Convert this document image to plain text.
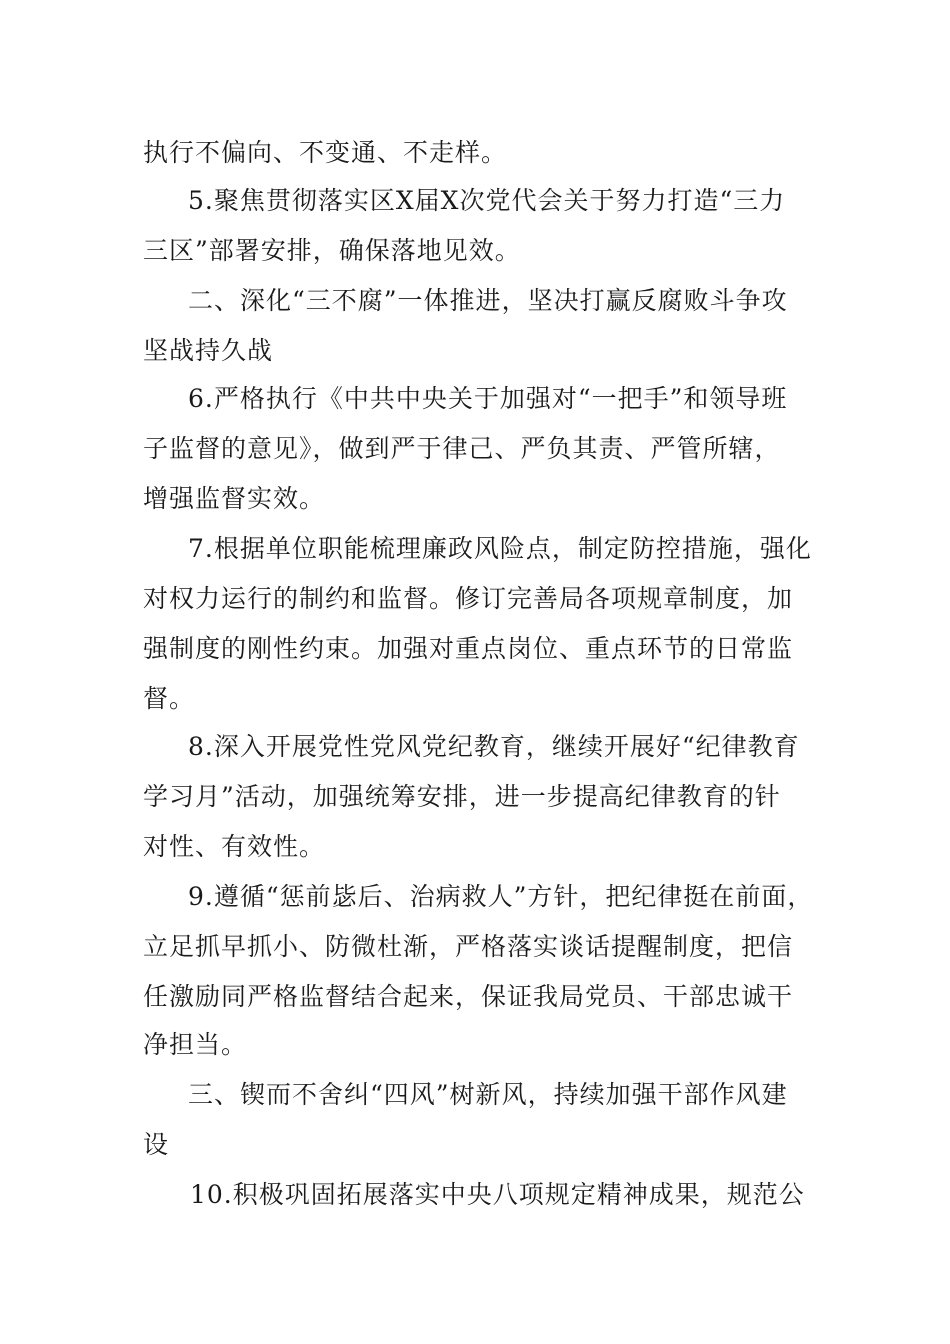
执行不偏向、不变通、不走样。
5.聚焦贯彻落实区X届X次党代会关于努力打造“三力
三区”部署安排，确保落地见效。
二、深化“三不腐”一体推进，坚决打赢反腐败斗争攻
坚战持久战
6.严格执行《中共中央关于加强对“一把手”和领导班
子监督的意见》，做到严于律己、严负其责、严管所辖，
增强监督实效。
7.根据单位职能梳理廉政风险点，制定防控措施，强化
对权力运行的制约和监督。修订完善局各项规章制度，加
强制度的刚性约束。加强对重点岗位、重点环节的日常监
督。
8.深入开展党性党风党纪教育，继续开展好“纪律教育
学习月”活动，加强统筹安排，进一步提高纪律教育的针
对性、有效性。
9.遵循“惩前毖后、治病救人”方针，把纪律挺在前面，
立足抓早抓小、防微杜渐，严格落实谈话提醒制度，把信
任激励同严格监督结合起来，保证我局党员、干部忠诚干
净担当。
三、锲而不舍纠“四风”树新风，持续加强干部作风建
设
10.积极巩固拓展落实中央八项规定精神成果，规范公
